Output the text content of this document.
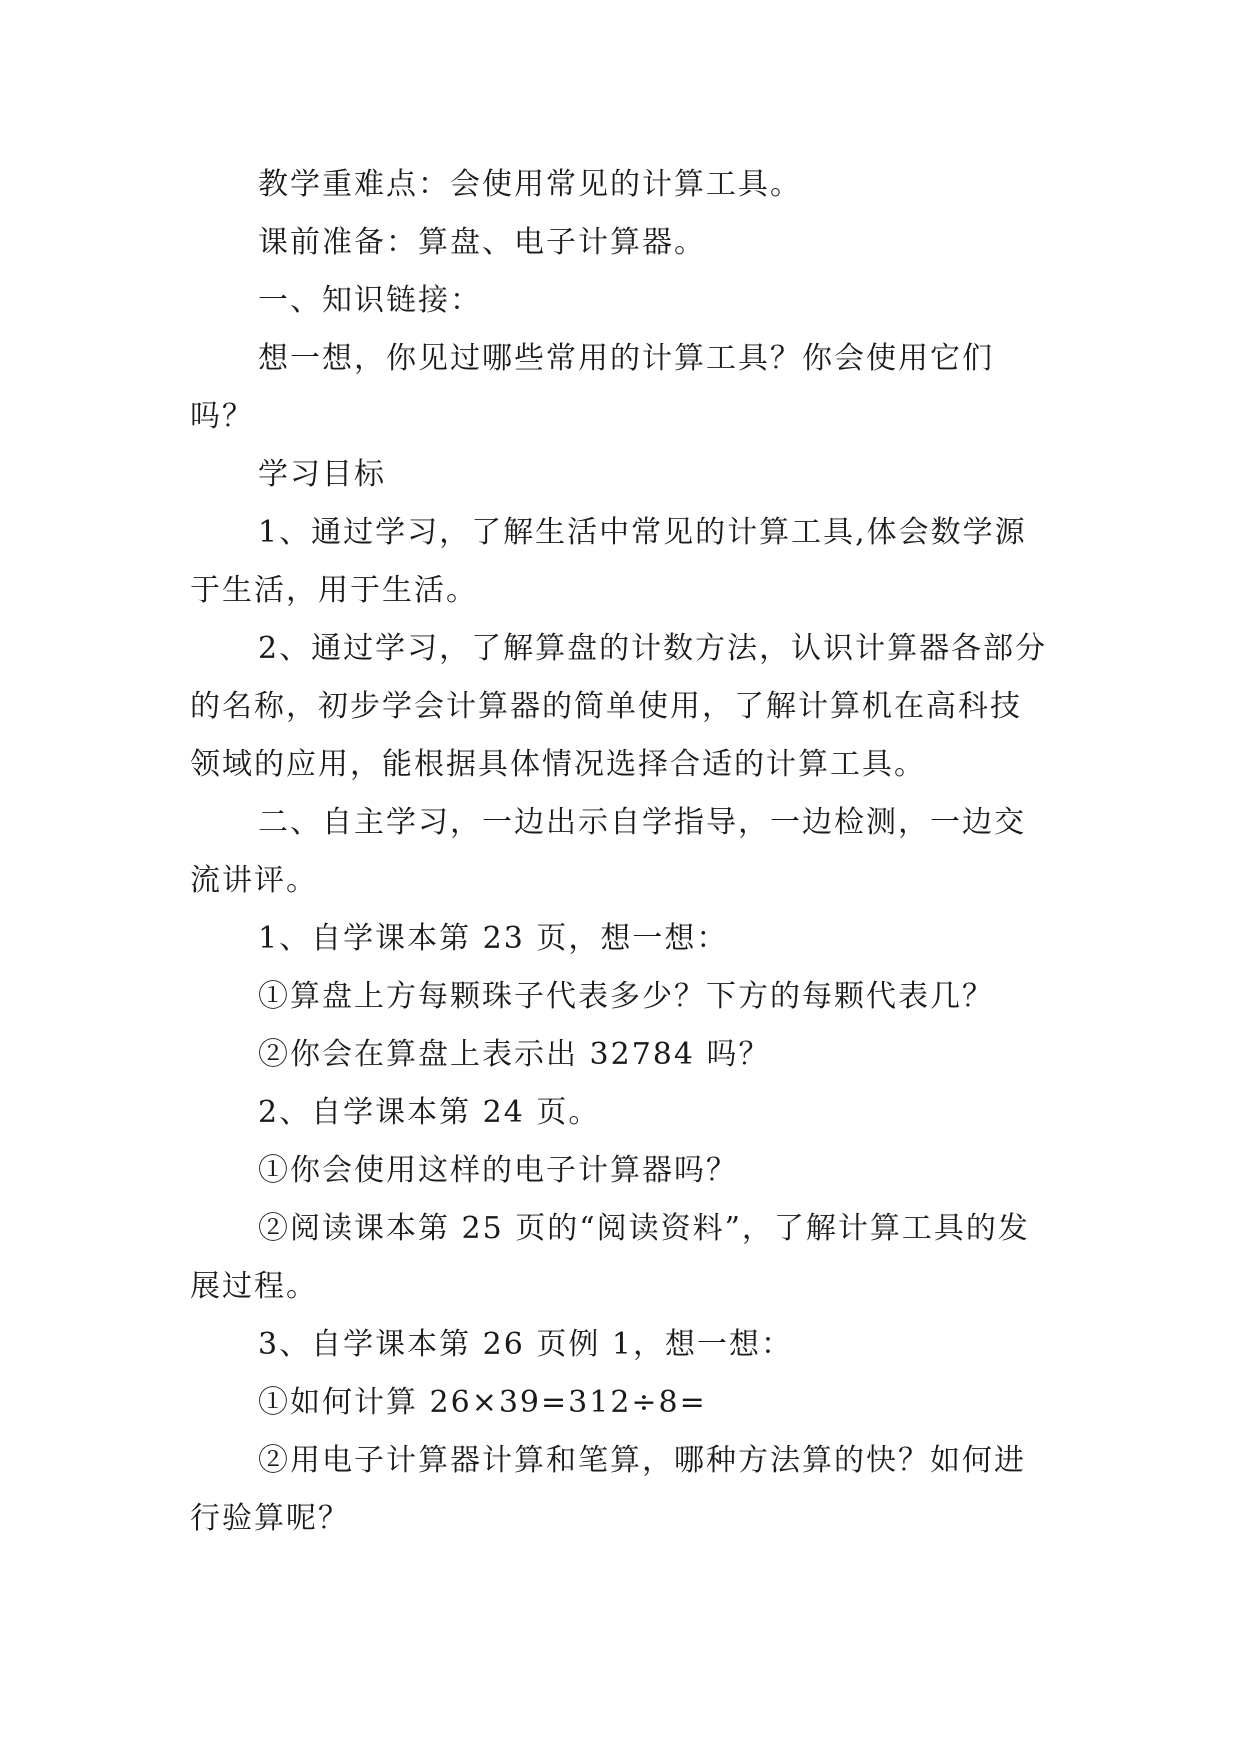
教学重难点：会使用常见的计算工具。

课前准备：算盘、电子计算器。

一、知识链接：

想一想，你见过哪些常用的计算工具？你会使用它们吗？

学习目标

1、通过学习，了解生活中常见的计算工具,体会数学源于生活，用于生活。

2、通过学习，了解算盘的计数方法，认识计算器各部分的名称，初步学会计算器的简单使用，了解计算机在高科技领域的应用，能根据具体情况选择合适的计算工具。

二、自主学习，一边出示自学指导，一边检测，一边交流讲评。

1、自学课本第 23 页，想一想：

①算盘上方每颗珠子代表多少？下方的每颗代表几？

②你会在算盘上表示出 32784 吗？

2、自学课本第 24 页。

①你会使用这样的电子计算器吗？

②阅读课本第 25 页的“阅读资料”，了解计算工具的发展过程。

3、自学课本第 26 页例 1，想一想：

①如何计算 26×39=312÷8=

②用电子计算器计算和笔算，哪种方法算的快？如何进行验算呢？
